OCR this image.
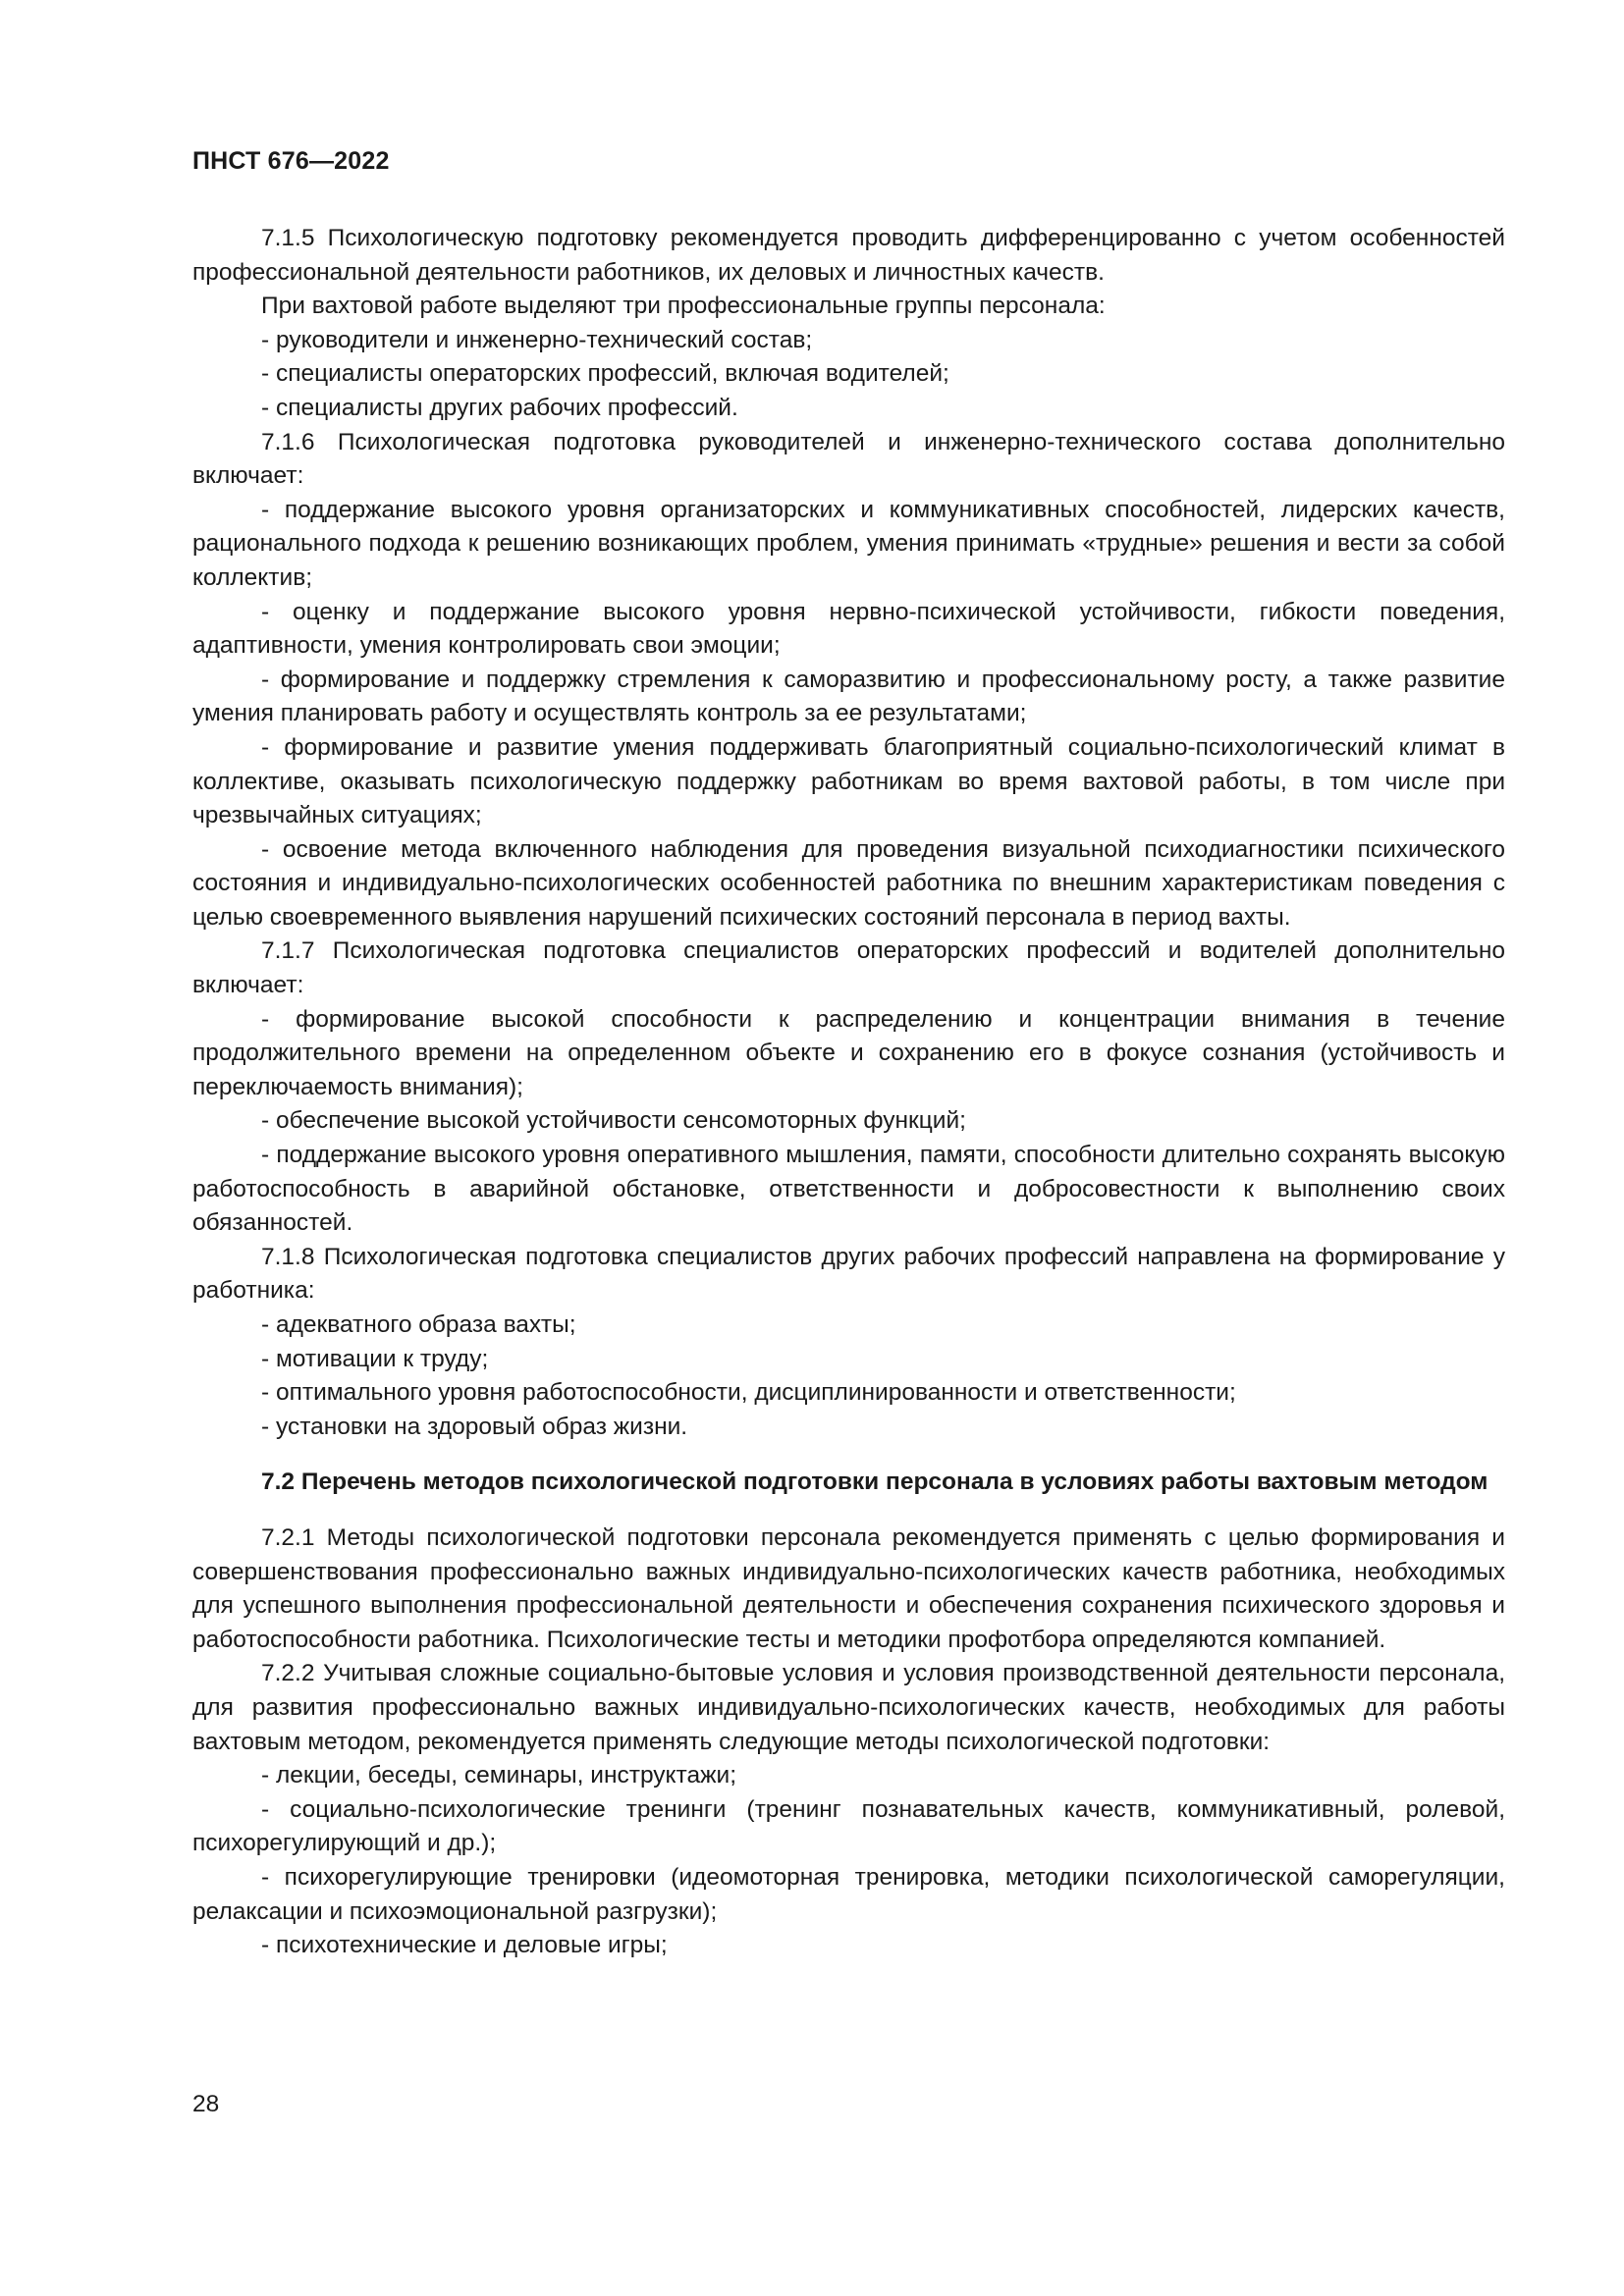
ПНСТ 676—2022

7.1.5 Психологическую подготовку рекомендуется проводить дифференцированно с учетом особенностей профессиональной деятельности работников, их деловых и личностных качеств.

При вахтовой работе выделяют три профессиональные группы персонала:

- руководители и инженерно-технический состав;

- специалисты операторских профессий, включая водителей;

- специалисты других рабочих профессий.

7.1.6 Психологическая подготовка руководителей и инженерно-технического состава дополнительно включает:

- поддержание высокого уровня организаторских и коммуникативных способностей, лидерских качеств, рационального подхода к решению возникающих проблем, умения принимать «трудные» решения и вести за собой коллектив;

- оценку и поддержание высокого уровня нервно-психической устойчивости, гибкости поведения, адаптивности, умения контролировать свои эмоции;

- формирование и поддержку стремления к саморазвитию и профессиональному росту, а также развитие умения планировать работу и осуществлять контроль за ее результатами;

- формирование и развитие умения поддерживать благоприятный социально-психологический климат в коллективе, оказывать психологическую поддержку работникам во время вахтовой работы, в том числе при чрезвычайных ситуациях;

- освоение метода включенного наблюдения для проведения визуальной психодиагностики психического состояния и индивидуально-психологических особенностей работника по внешним характеристикам поведения с целью своевременного выявления нарушений психических состояний персонала в период вахты.

7.1.7 Психологическая подготовка специалистов операторских профессий и водителей дополнительно включает:

- формирование высокой способности к распределению и концентрации внимания в течение продолжительного времени на определенном объекте и сохранению его в фокусе сознания (устойчивость и переключаемость внимания);

- обеспечение высокой устойчивости сенсомоторных функций;

- поддержание высокого уровня оперативного мышления, памяти, способности длительно сохранять высокую работоспособность в аварийной обстановке, ответственности и добросовестности к выполнению своих обязанностей.

7.1.8 Психологическая подготовка специалистов других рабочих профессий направлена на формирование у работника:

- адекватного образа вахты;

- мотивации к труду;

- оптимального уровня работоспособности, дисциплинированности и ответственности;

- установки на здоровый образ жизни.

7.2 Перечень методов психологической подготовки персонала в условиях работы вахтовым методом

7.2.1 Методы психологической подготовки персонала рекомендуется применять с целью формирования и совершенствования профессионально важных индивидуально-психологических качеств работника, необходимых для успешного выполнения профессиональной деятельности и обеспечения сохранения психического здоровья и работоспособности работника. Психологические тесты и методики профотбора определяются компанией.

7.2.2 Учитывая сложные социально-бытовые условия и условия производственной деятельности персонала, для развития профессионально важных индивидуально-психологических качеств, необходимых для работы вахтовым методом, рекомендуется применять следующие методы психологической подготовки:

- лекции, беседы, семинары, инструктажи;

- социально-психологические тренинги (тренинг познавательных качеств, коммуникативный, ролевой, психорегулирующий и др.);

- психорегулирующие тренировки (идеомоторная тренировка, методики психологической саморегуляции, релаксации и психоэмоциональной разгрузки);

- психотехнические и деловые игры;

28
